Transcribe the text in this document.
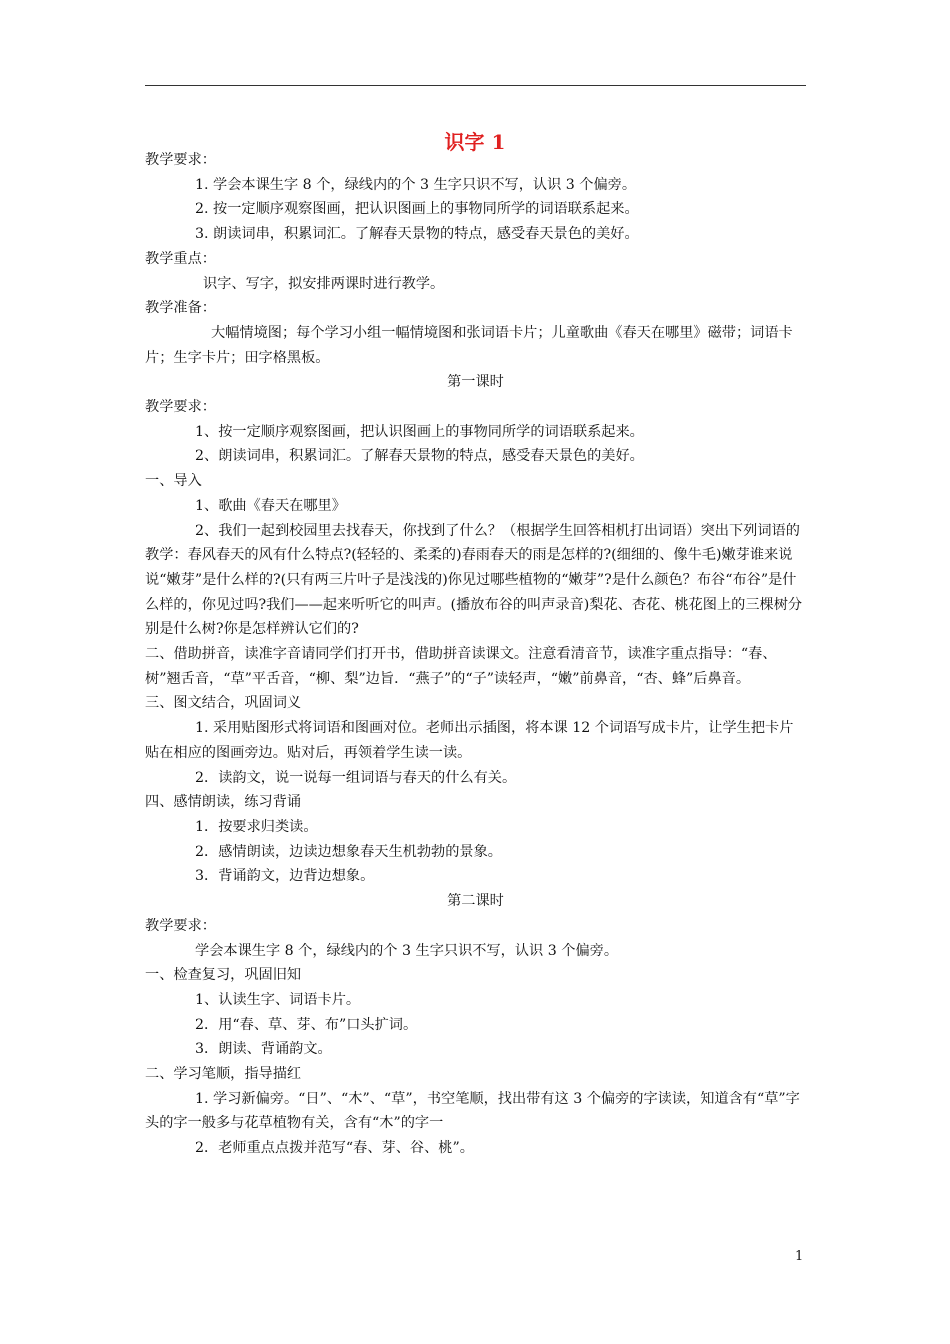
识字 1

教学要求：

1. 学会本课生字 8 个，绿线内的个 3 生字只识不写，认识 3 个偏旁。

2. 按一定顺序观察图画，把认识图画上的事物同所学的词语联系起来。

3. 朗读词串，积累词汇。了解春天景物的特点，感受春天景色的美好。

教学重点：

识字、写字，拟安排两课时进行教学。

教学准备：

大幅情境图；每个学习小组一幅情境图和张词语卡片；儿童歌曲《春天在哪里》磁带；词语卡片；生字卡片；田字格黑板。

第一课时

教学要求：

1、按一定顺序观察图画，把认识图画上的事物同所学的词语联系起来。

2、朗读词串，积累词汇。了解春天景物的特点，感受春天景色的美好。

一、导入

1、歌曲《春天在哪里》

2、我们一起到校园里去找春天，你找到了什么？（根据学生回答相机打出词语）突出下列词语的教学：春风春天的风有什么特点?(轻轻的、柔柔的)春雨春天的雨是怎样的?(细细的、像牛毛)嫩芽谁来说说“嫩芽”是什么样的?(只有两三片叶子是浅浅的)你见过哪些植物的“嫩芽”?是什么颜色？布谷“布谷”是什么样的，你见过吗?我们——起来听听它的叫声。(播放布谷的叫声录音)梨花、杏花、桃花图上的三棵树分别是什么树?你是怎样辨认它们的?

二、借助拼音，读准字音请同学们打开书，借助拼音读课文。注意看清音节，读准字重点指导：“春、树”翘舌音，“草”平舌音，“柳、梨”边旨．“燕子”的“子”读轻声，“嫩”前鼻音，“杏、蜂”后鼻音。

三、图文结合，巩固词义

1. 采用贴图形式将词语和图画对位。老师出示插图，将本课 12 个词语写成卡片，让学生把卡片贴在相应的图画旁边。贴对后，再领着学生读一读。

2．读韵文，说一说每一组词语与春天的什么有关。

四、感情朗读，练习背诵

1．按要求归类读。

2．感情朗读，边读边想象春天生机勃勃的景象。

3．背诵韵文，边背边想象。

第二课时

教学要求：

学会本课生字 8 个，绿线内的个 3 生字只识不写，认识 3 个偏旁。

一、检查复习，巩固旧知

1、认读生字、词语卡片。

2．用“春、草、芽、布”口头扩词。

3．朗读、背诵韵文。

二、学习笔顺，指导描红

1. 学习新偏旁。“日”、“木”、“草”，书空笔顺，找出带有这 3 个偏旁的字读读，知道含有“草”字头的字一般多与花草植物有关，含有“木”的字一

2．老师重点点拨并范写“春、芽、谷、桃”。

1
